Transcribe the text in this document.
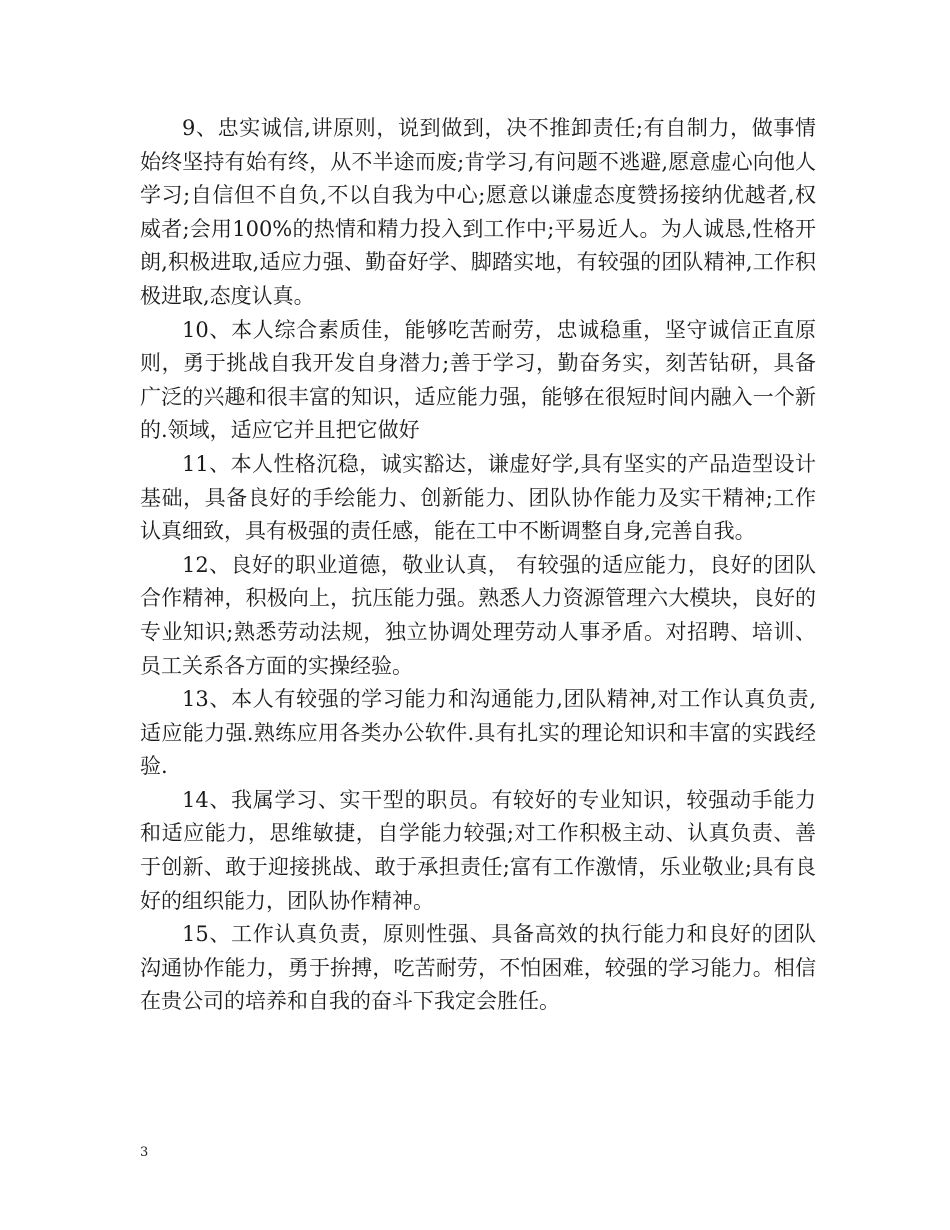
9、忠实诚信,讲原则，说到做到，决不推卸责任;有自制力，做事情始终坚持有始有终，从不半途而废;肯学习,有问题不逃避,愿意虚心向他人学习;自信但不自负,不以自我为中心;愿意以谦虚态度赞扬接纳优越者,权威者;会用100%的热情和精力投入到工作中;平易近人。为人诚恳,性格开朗,积极进取,适应力强、勤奋好学、脚踏实地，有较强的团队精神,工作积极进取,态度认真。

10、本人综合素质佳，能够吃苦耐劳，忠诚稳重，坚守诚信正直原则，勇于挑战自我开发自身潜力;善于学习，勤奋务实，刻苦钻研，具备广泛的兴趣和很丰富的知识，适应能力强，能够在很短时间内融入一个新的.领域，适应它并且把它做好

11、本人性格沉稳，诚实豁达，谦虚好学,具有坚实的产品造型设计基础，具备良好的手绘能力、创新能力、团队协作能力及实干精神;工作认真细致，具有极强的责任感，能在工中不断调整自身,完善自我。

12、良好的职业道德，敬业认真， 有较强的适应能力，良好的团队合作精神，积极向上，抗压能力强。熟悉人力资源管理六大模块，良好的专业知识;熟悉劳动法规，独立协调处理劳动人事矛盾。对招聘、培训、员工关系各方面的实操经验。

13、本人有较强的学习能力和沟通能力,团队精神,对工作认真负责,适应能力强.熟练应用各类办公软件.具有扎实的理论知识和丰富的实践经验.

14、我属学习、实干型的职员。有较好的专业知识，较强动手能力和适应能力，思维敏捷，自学能力较强;对工作积极主动、认真负责、善于创新、敢于迎接挑战、敢于承担责任;富有工作激情，乐业敬业;具有良好的组织能力，团队协作精神。

15、工作认真负责，原则性强、具备高效的执行能力和良好的团队沟通协作能力，勇于拚搏，吃苦耐劳，不怕困难，较强的学习能力。相信在贵公司的培养和自我的奋斗下我定会胜任。

3
